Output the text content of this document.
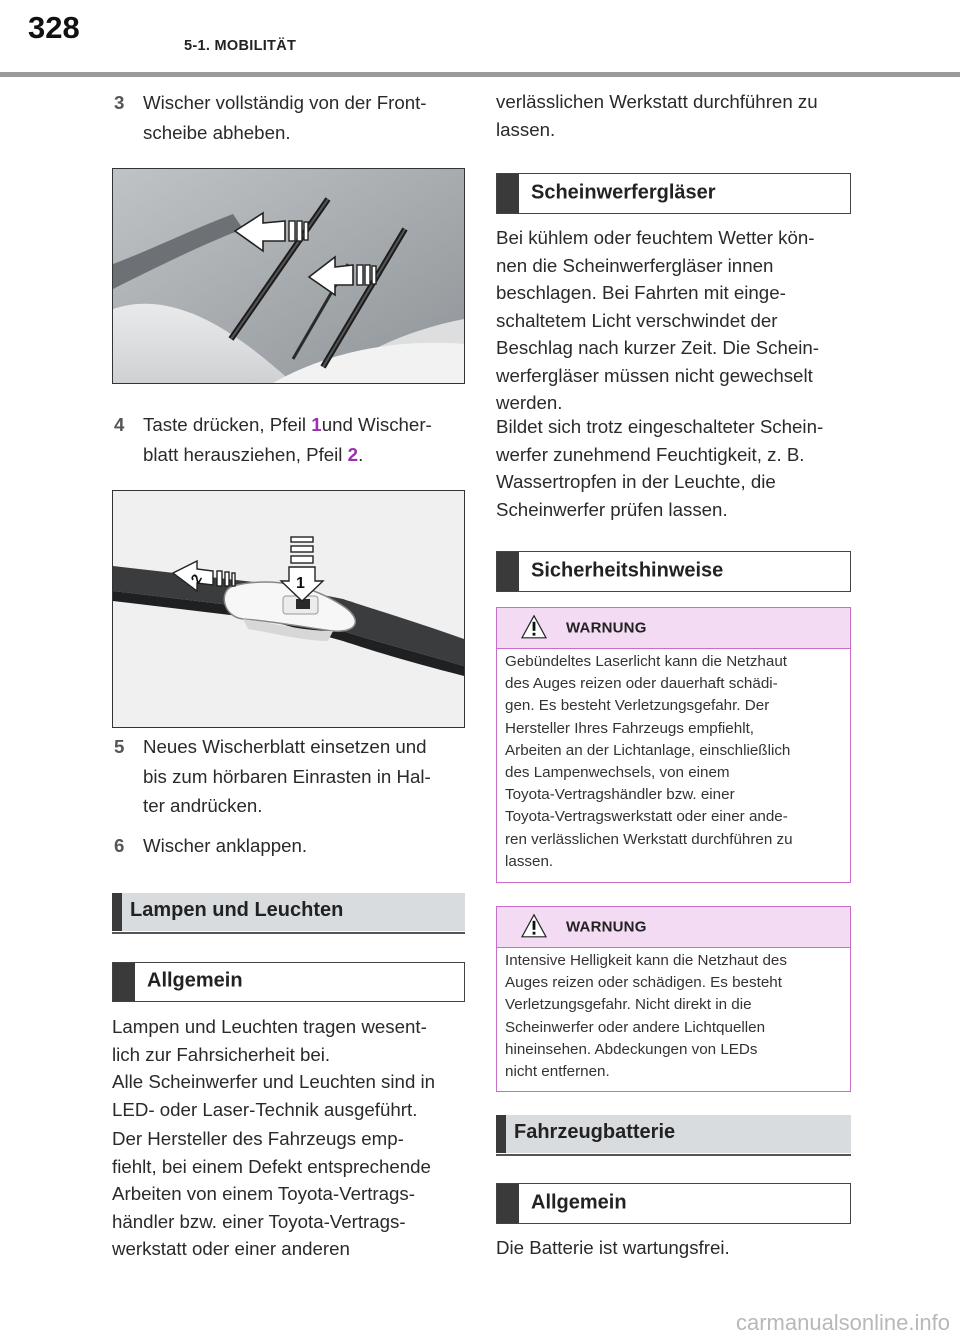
328
5-1. MOBILITÄT
3 Wischer vollständig von der Front-
scheibe abheben.
4 Taste drücken, Pfeil 1und Wischer-
blatt herausziehen, Pfeil 2.
1
2
5 Neues Wischerblatt einsetzen und
bis zum hörbaren Einrasten in Hal-
ter andrücken.
6 Wischer anklappen.
Lampen und Leuchten
Allgemein
Lampen und Leuchten tragen wesent-
lich zur Fahrsicherheit bei.
Alle Scheinwerfer und Leuchten sind in
LED- oder Laser-Technik ausgeführt.
Der Hersteller des Fahrzeugs emp-
fiehlt, bei einem Defekt entsprechende
Arbeiten von einem Toyota-Vertrags-
händler bzw. einer Toyota-Vertrags-
werkstatt oder einer anderen
verlässlichen Werkstatt durchführen zu
lassen.
Scheinwerfergläser
Bei kühlem oder feuchtem Wetter kön-
nen die Scheinwerfergläser innen
beschlagen. Bei Fahrten mit einge-
schaltetem Licht verschwindet der
Beschlag nach kurzer Zeit. Die Schein-
werfergläser müssen nicht gewechselt
werden.
Bildet sich trotz eingeschalteter Schein-
werfer zunehmend Feuchtigkeit, z. B.
Wassertropfen in der Leuchte, die
Scheinwerfer prüfen lassen.
Sicherheitshinweise
WARNUNG
Gebündeltes Laserlicht kann die Netzhaut
des Auges reizen oder dauerhaft schädi-
gen. Es besteht Verletzungsgefahr. Der
Hersteller Ihres Fahrzeugs empfiehlt,
Arbeiten an der Lichtanlage, einschließlich
des Lampenwechsels, von einem
Toyota-Vertragshändler bzw. einer
Toyota-Vertragswerkstatt oder einer ande-
ren verlässlichen Werkstatt durchführen zu
lassen.
WARNUNG
Intensive Helligkeit kann die Netzhaut des
Auges reizen oder schädigen. Es besteht
Verletzungsgefahr. Nicht direkt in die
Scheinwerfer oder andere Lichtquellen
hineinsehen. Abdeckungen von LEDs
nicht entfernen.
Fahrzeugbatterie
Allgemein
Die Batterie ist wartungsfrei.
carmanualsonline.info
